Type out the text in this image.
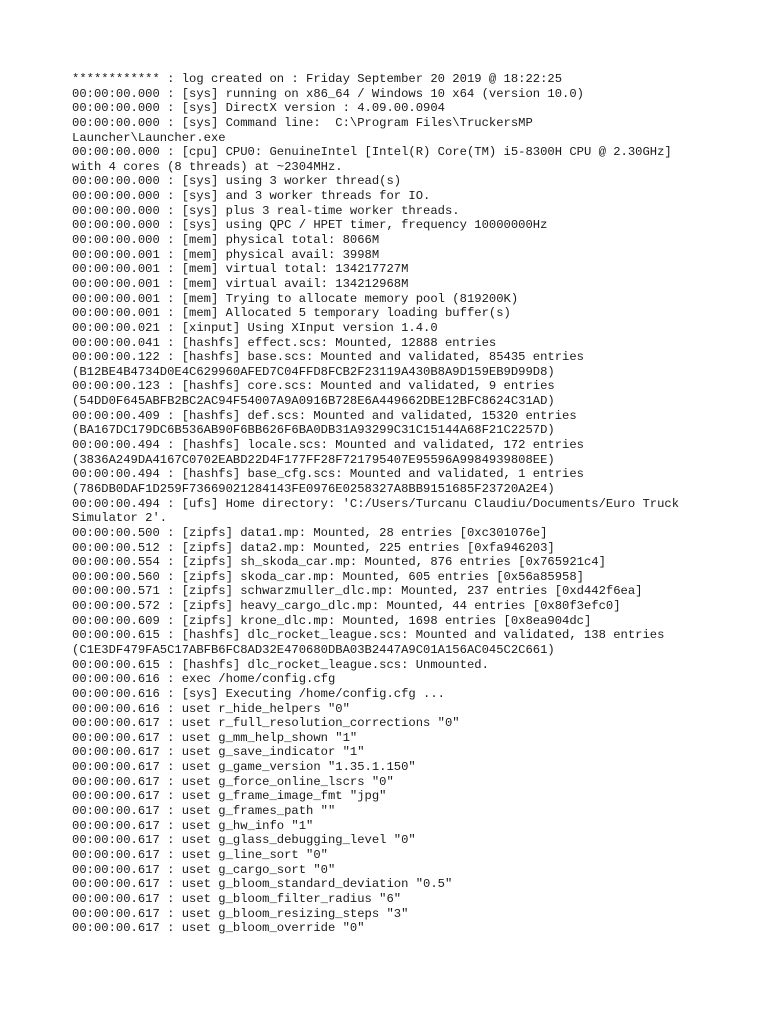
************ : log created on : Friday September 20 2019 @ 18:22:25
00:00:00.000 : [sys] running on x86_64 / Windows 10 x64 (version 10.0)
00:00:00.000 : [sys] DirectX version : 4.09.00.0904
00:00:00.000 : [sys] Command line:  C:\Program Files\TruckersMP
Launcher\Launcher.exe
00:00:00.000 : [cpu] CPU0: GenuineIntel [Intel(R) Core(TM) i5-8300H CPU @ 2.30GHz]
with 4 cores (8 threads) at ~2304MHz.
00:00:00.000 : [sys] using 3 worker thread(s)
00:00:00.000 : [sys] and 3 worker threads for IO.
00:00:00.000 : [sys] plus 3 real-time worker threads.
00:00:00.000 : [sys] using QPC / HPET timer, frequency 10000000Hz
00:00:00.000 : [mem] physical total: 8066M
00:00:00.001 : [mem] physical avail: 3998M
00:00:00.001 : [mem] virtual total: 134217727M
00:00:00.001 : [mem] virtual avail: 134212968M
00:00:00.001 : [mem] Trying to allocate memory pool (819200K)
00:00:00.001 : [mem] Allocated 5 temporary loading buffer(s)
00:00:00.021 : [xinput] Using XInput version 1.4.0
00:00:00.041 : [hashfs] effect.scs: Mounted, 12888 entries
00:00:00.122 : [hashfs] base.scs: Mounted and validated, 85435 entries
(B12BE4B4734D0E4C629960AFED7C04FFD8FCB2F23119A430B8A9D159EB9D99D8)
00:00:00.123 : [hashfs] core.scs: Mounted and validated, 9 entries
(54DD0F645ABFB2BC2AC94F54007A9A0916B728E6A449662DBE12BFC8624C31AD)
00:00:00.409 : [hashfs] def.scs: Mounted and validated, 15320 entries
(BA167DC179DC6B536AB90F6BB626F6BA0DB31A93299C31C15144A68F21C2257D)
00:00:00.494 : [hashfs] locale.scs: Mounted and validated, 172 entries
(3836A249DA4167C0702EABD22D4F177FF28F721795407E95596A9984939808EE)
00:00:00.494 : [hashfs] base_cfg.scs: Mounted and validated, 1 entries
(786DB0DAF1D259F73669021284143FE0976E0258327A8BB9151685F23720A2E4)
00:00:00.494 : [ufs] Home directory: 'C:/Users/Turcanu Claudiu/Documents/Euro Truck
Simulator 2'.
00:00:00.500 : [zipfs] data1.mp: Mounted, 28 entries [0xc301076e]
00:00:00.512 : [zipfs] data2.mp: Mounted, 225 entries [0xfa946203]
00:00:00.554 : [zipfs] sh_skoda_car.mp: Mounted, 876 entries [0x765921c4]
00:00:00.560 : [zipfs] skoda_car.mp: Mounted, 605 entries [0x56a85958]
00:00:00.571 : [zipfs] schwarzmuller_dlc.mp: Mounted, 237 entries [0xd442f6ea]
00:00:00.572 : [zipfs] heavy_cargo_dlc.mp: Mounted, 44 entries [0x80f3efc0]
00:00:00.609 : [zipfs] krone_dlc.mp: Mounted, 1698 entries [0x8ea904dc]
00:00:00.615 : [hashfs] dlc_rocket_league.scs: Mounted and validated, 138 entries
(C1E3DF479FA5C17ABFB6FC8AD32E470680DBA03B2447A9C01A156AC045C2C661)
00:00:00.615 : [hashfs] dlc_rocket_league.scs: Unmounted.
00:00:00.616 : exec /home/config.cfg
00:00:00.616 : [sys] Executing /home/config.cfg ...
00:00:00.616 : uset r_hide_helpers "0"
00:00:00.617 : uset r_full_resolution_corrections "0"
00:00:00.617 : uset g_mm_help_shown "1"
00:00:00.617 : uset g_save_indicator "1"
00:00:00.617 : uset g_game_version "1.35.1.150"
00:00:00.617 : uset g_force_online_lscrs "0"
00:00:00.617 : uset g_frame_image_fmt "jpg"
00:00:00.617 : uset g_frames_path ""
00:00:00.617 : uset g_hw_info "1"
00:00:00.617 : uset g_glass_debugging_level "0"
00:00:00.617 : uset g_line_sort "0"
00:00:00.617 : uset g_cargo_sort "0"
00:00:00.617 : uset g_bloom_standard_deviation "0.5"
00:00:00.617 : uset g_bloom_filter_radius "6"
00:00:00.617 : uset g_bloom_resizing_steps "3"
00:00:00.617 : uset g_bloom_override "0"
